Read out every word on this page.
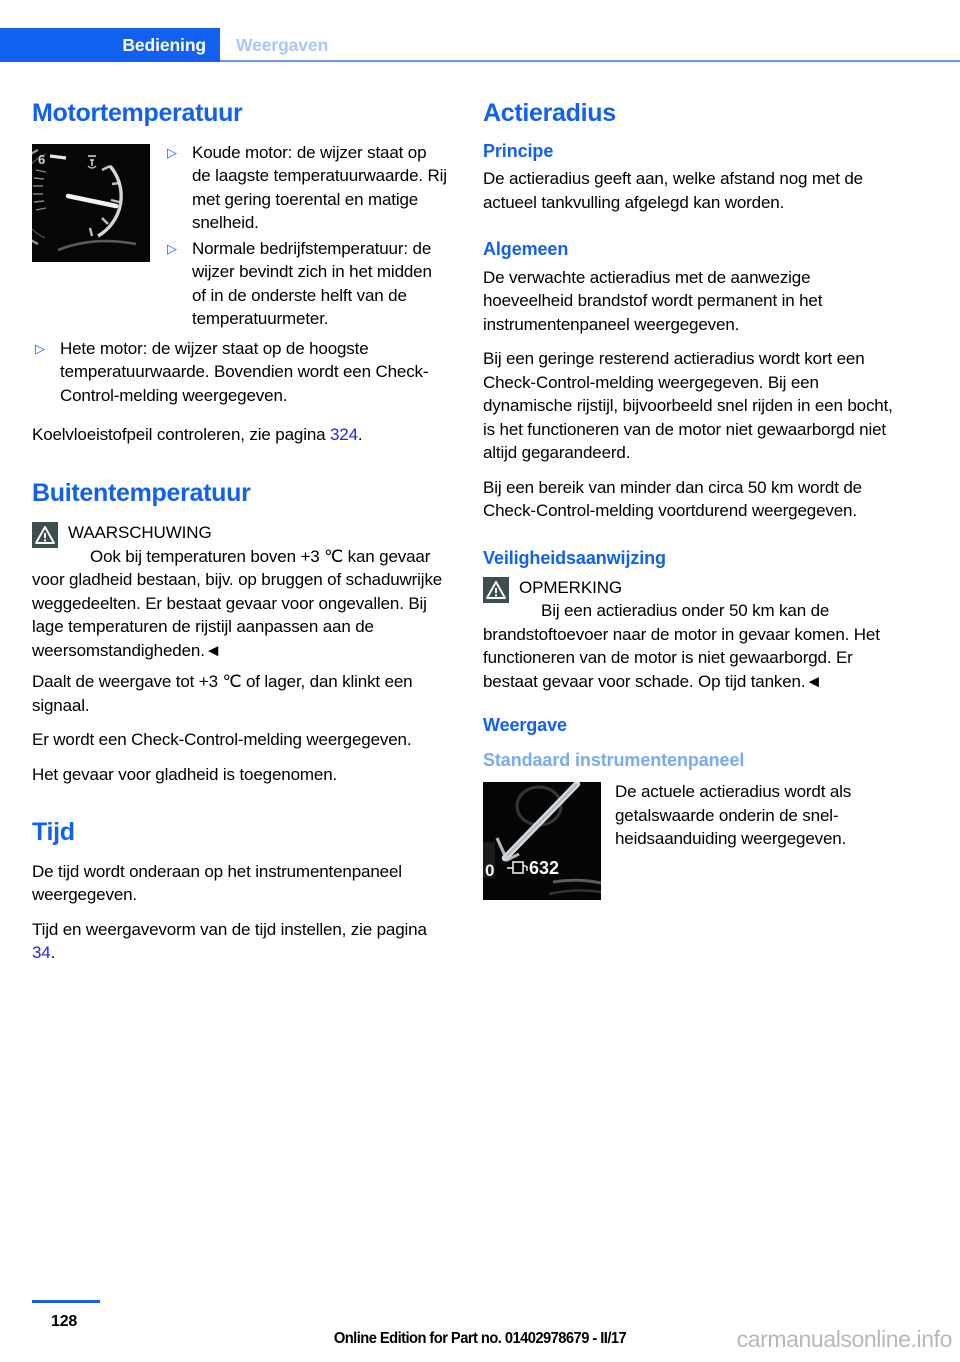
Bediening Weergaven
Motortemperatuur
6	▷ Koude motor: de wijzer staat op de laagste temperatuurwaarde. Rij met gering toerental en matige snelheid.
▷ Normale bedrijfstemperatuur: de wijzer bevindt zich in het midden of in de onderste helft van de temperatuurmeter.
▷ Hete motor: de wijzer staat op de hoogste temperatuurwaarde. Bovendien wordt een Check-Control-melding weergegeven.

Koelvloeistofpeil controleren, zie pagina 324.

Buitentemperatuur
WAARSCHUWING
Ook bij temperaturen boven +3 ℃ kan gevaar voor gladheid bestaan, bijv. op bruggen of schaduwrijke weggedeelten. Er bestaat gevaar voor ongevallen. Bij lage temperaturen de rijstijl aanpassen aan de weersomstandigheden.◄

Daalt de weergave tot +3 ℃ of lager, dan klinkt een signaal.

Er wordt een Check-Control-melding weergegeven.

Het gevaar voor gladheid is toegenomen.

Tijd

De tijd wordt onderaan op het instrumentenpaneel weergegeven.

Tijd en weergavevorm van de tijd instellen, zie pagina 34.

Actieradius
Principe

De actieradius geeft aan, welke afstand nog met de actueel tankvulling afgelegd kan worden.

Algemeen

De verwachte actieradius met de aanwezige hoeveelheid brandstof wordt permanent in het instrumentenpaneel weergegeven.

Bij een geringe resterend actieradius wordt kort een Check-Control-melding weergegeven. Bij een dynamische rijstijl, bijvoorbeeld snel rijden in een bocht, is het functioneren van de motor niet gewaarborgd niet altijd gegarandeerd.

Bij een bereik van minder dan circa 50 km wordt de Check-Control-melding voortdurend weergegeven.

Veiligheidsaanwijzing
OPMERKING
Bij een actieradius onder 50 km kan de brandstoftoevoer naar de motor in gevaar komen. Het functioneren van de motor is niet gewaarborgd. Er bestaat gevaar voor schade. Op tijd tanken.◄
Weergave
Standaard instrumentenpaneel
0 632

De actuele actieradius wordt als getalswaarde onderin de snelheidsaanduiding weergegeven.

128
Online Edition for Part no. 01402978679 - II/17	carmanualsonline.info
